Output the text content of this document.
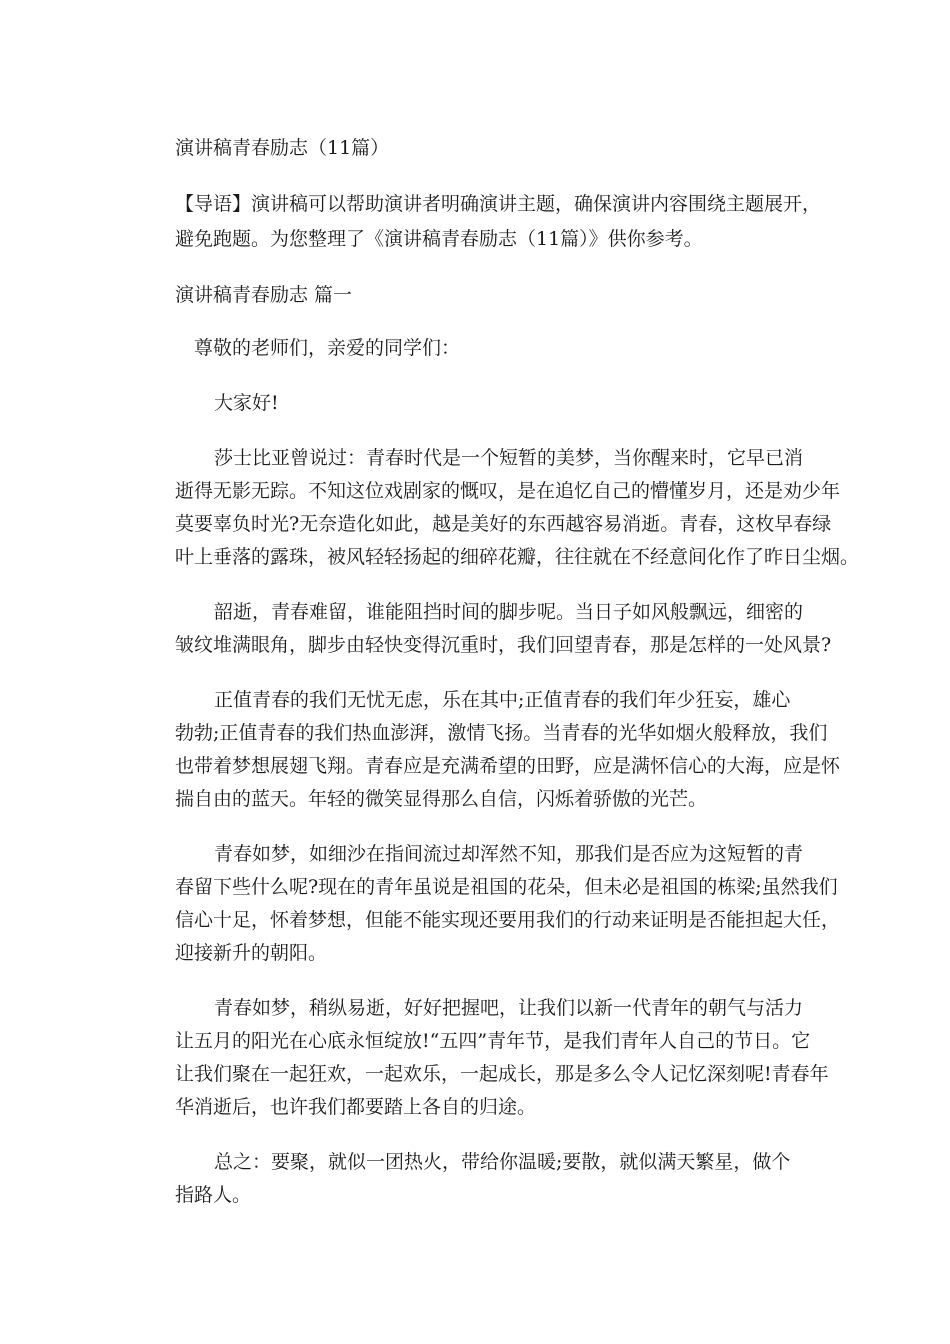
演讲稿青春励志（11篇）
【导语】演讲稿可以帮助演讲者明确演讲主题，确保演讲内容围绕主题展开，
避免跑题。为您整理了《演讲稿青春励志（11篇）》供你参考。
演讲稿青春励志 篇一
尊敬的老师们，亲爱的同学们：
大家好!
莎士比亚曾说过：青春时代是一个短暂的美梦，当你醒来时，它早已消
逝得无影无踪。不知这位戏剧家的慨叹，是在追忆自己的懵懂岁月，还是劝少年
莫要辜负时光?无奈造化如此，越是美好的东西越容易消逝。青春，这枚早春绿
叶上垂落的露珠，被风轻轻扬起的细碎花瓣，往往就在不经意间化作了昨日尘烟。
韶逝，青春难留，谁能阻挡时间的脚步呢。当日子如风般飘远，细密的
皱纹堆满眼角，脚步由轻快变得沉重时，我们回望青春，那是怎样的一处风景?
正值青春的我们无忧无虑，乐在其中;正值青春的我们年少狂妄，雄心
勃勃;正值青春的我们热血澎湃，激情飞扬。当青春的光华如烟火般释放，我们
也带着梦想展翅飞翔。青春应是充满希望的田野，应是满怀信心的大海，应是怀
揣自由的蓝天。年轻的微笑显得那么自信，闪烁着骄傲的光芒。
青春如梦，如细沙在指间流过却浑然不知，那我们是否应为这短暂的青
春留下些什么呢?现在的青年虽说是祖国的花朵，但未必是祖国的栋梁;虽然我们
信心十足，怀着梦想，但能不能实现还要用我们的行动来证明是否能担起大任，
迎接新升的朝阳。
青春如梦，稍纵易逝，好好把握吧，让我们以新一代青年的朝气与活力
让五月的阳光在心底永恒绽放!“五四”青年节，是我们青年人自己的节日。它
让我们聚在一起狂欢，一起欢乐，一起成长，那是多么令人记忆深刻呢!青春年
华消逝后，也许我们都要踏上各自的归途。
总之：要聚，就似一团热火，带给你温暖;要散，就似满天繁星，做个
指路人。
